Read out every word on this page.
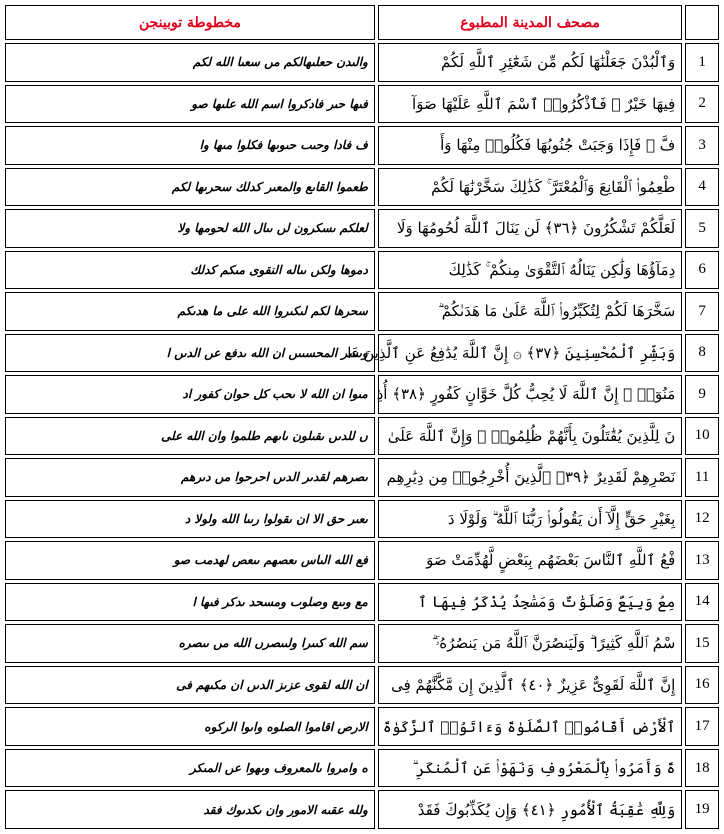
مخطوطة توبينجن	مصحف المدينة المطبوع	
والىدن حعلىهالكم مں سعىا الله لكم	وَٱلْبُدْنَ جَعَلْنَٰهَا لَكُم مِّن شَعَٰٓئِرِ ٱللَّهِ لَكُمْ	1
فىها حىر فادكروا اسم الله علىها صو	فِيهَا خَيْرٌ ۖ فَٱذْكُرُوا۟ ٱسْمَ ٱللَّهِ عَلَيْهَا صَوَآ	2
ف فادا وحىٮ حىوٮها فكلوا مىها وا	فَّ ۖ فَإِذَا وَجَبَتْ جُنُوبُهَا فَكُلُوا۟ مِنْهَا وَأَ	3
طعموا القاىع والمعىر كدلك سحرىها لكم	طْعِمُوا۟ ٱلْقَانِعَ وَٱلْمُعْتَرَّ ۚ كَذَٰلِكَ سَخَّرْنَٰهَا لَكُمْ	4
لعلكم ىسكرون لں ىىال الله لحومها ولا	لَعَلَّكُمْ تَشْكُرُونَ ﴿٣٦﴾ لَن يَنَالَ ٱللَّهَ لُحُومُهَا وَلَا	5
دموها ولكں ىىاله النقوى مىكم كدلك	دِمَآؤُهَا وَلَٰكِن يَنَالُهُ ٱلتَّقْوَىٰ مِنكُمْ ۚ كَذَٰلِكَ	6
سحرها لكم لىكىروا الله على ما هدىكم	سَخَّرَهَا لَكُمْ لِتُكَبِّرُوا۟ ٱللَّهَ عَلَىٰ مَا هَدَىٰكُمْ ۗ	7
وىسر المحسىىں ان الله ىدفع عں الدىں ا	وَبَشِّرِ ٱلْمُحْسِنِينَ ﴿٣٧﴾ ۞ إِنَّ ٱللَّهَ يُدَٰفِعُ عَنِ ٱلَّذِينَ ءَا	8
مىوا ان الله لا ىحب كل حوان كفور اد	مَنُوٓا۟ ۗ إِنَّ ٱللَّهَ لَا يُحِبُّ كُلَّ خَوَّانٍ كَفُورٍ ﴿٣٨﴾ أُذِ	9
ں للدىں ىقىلون ىاىهم طلموا وان الله على	نَ لِلَّذِينَ يُقَٰتَلُونَ بِأَنَّهُمْ ظُلِمُوا۟ ۚ وَإِنَّ ٱللَّهَ عَلَىٰ	10
ىصرهم لقدىر الدىں احرحوا مں دىرهم	نَصْرِهِمْ لَقَدِيرٌ ﴿٣٩﴾ ٱلَّذِينَ أُخْرِجُوا۟ مِن دِيَٰرِهِم	11
ىعىر حق الا ان ىقولوا رىىا الله ولولا د	بِغَيْرِ حَقٍّ إِلَّآ أَن يَقُولُوا۟ رَبُّنَا ٱللَّهُ ۗ وَلَوْلَا دَ	12
فع الله الىاس ىعصهم ىىعص لهدمٮ صو	فْعُ ٱللَّهِ ٱلنَّاسَ بَعْضَهُم بِبَعْضٍ لَّهُدِّمَتْ صَوَ	13
مع وىىع وصلوٮ ومسحد ىدكر فىها ا	مِعُ وَبِيَعٌ وَصَلَوَٰتٌ وَمَسَٰجِدُ يُذْكَرُ فِيهَا ٱ	14
سم الله كىىرا ولىىصرں الله مں ىىصره	سْمُ ٱللَّهِ كَثِيرًا ۗ وَلَيَنصُرَنَّ ٱللَّهُ مَن يَنصُرُهُۥٓ ۗ	15
ان الله لقوى عزىز الدىں ان مكىهم فى	إِنَّ ٱللَّهَ لَقَوِىٌّ عَزِيزٌ ﴿٤٠﴾ ٱلَّذِينَ إِن مَّكَّنَّٰهُمْ فِى	16
الارص اقاموا الصلوه واىوا الركوه	ٱلْأَرْضِ أَقَامُوا۟ ٱلصَّلَوٰةَ وَءَاتَوُا۟ ٱلزَّكَوٰةَ	17
ه وامروا ىالمعروف وىهوا عں المىكر	ةَ وَأَمَرُوا۟ بِٱلْمَعْرُوفِ وَنَهَوْا۟ عَنِ ٱلْمُنكَرِ ۗ	18
ولله عقىه الامور وان ىكدىوك فقد	وَلِلَّهِ عَٰقِبَةُ ٱلْأُمُورِ ﴿٤١﴾ وَإِن يُكَذِّبُوكَ فَقَدْ	19
